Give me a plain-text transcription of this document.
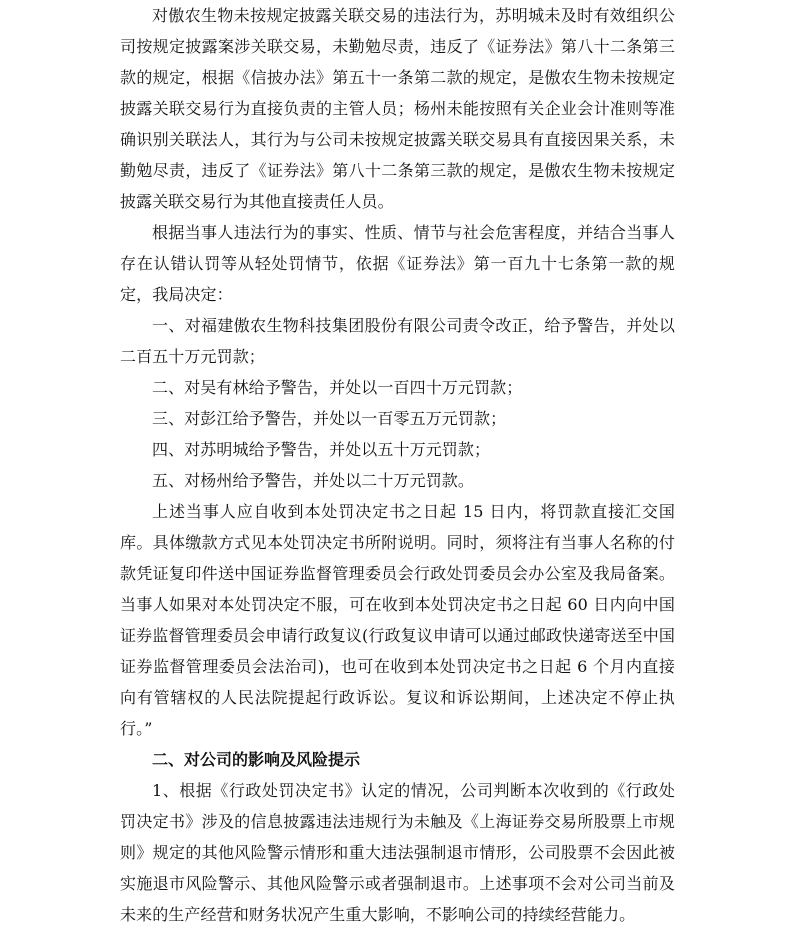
对傲农生物未按规定披露关联交易的违法行为，苏明城未及时有效组织公司按规定披露案涉关联交易，未勤勉尽责，违反了《证券法》第八十二条第三款的规定，根据《信披办法》第五十一条第二款的规定，是傲农生物未按规定披露关联交易行为直接负责的主管人员；杨州未能按照有关企业会计准则等准确识别关联法人，其行为与公司未按规定披露关联交易具有直接因果关系，未勤勉尽责，违反了《证券法》第八十二条第三款的规定，是傲农生物未按规定披露关联交易行为其他直接责任人员。

根据当事人违法行为的事实、性质、情节与社会危害程度，并结合当事人存在认错认罚等从轻处罚情节，依据《证券法》第一百九十七条第一款的规定，我局决定：

一、对福建傲农生物科技集团股份有限公司责令改正，给予警告，并处以二百五十万元罚款；

二、对吴有林给予警告，并处以一百四十万元罚款；

三、对彭江给予警告，并处以一百零五万元罚款；

四、对苏明城给予警告，并处以五十万元罚款；

五、对杨州给予警告，并处以二十万元罚款。

上述当事人应自收到本处罚决定书之日起 15 日内，将罚款直接汇交国库。具体缴款方式见本处罚决定书所附说明。同时，须将注有当事人名称的付款凭证复印件送中国证券监督管理委员会行政处罚委员会办公室及我局备案。当事人如果对本处罚决定不服，可在收到本处罚决定书之日起 60 日内向中国证券监督管理委员会申请行政复议(行政复议申请可以通过邮政快递寄送至中国证券监督管理委员会法治司)，也可在收到本处罚决定书之日起 6 个月内直接向有管辖权的人民法院提起行政诉讼。复议和诉讼期间，上述决定不停止执行。”

二、对公司的影响及风险提示

1、根据《行政处罚决定书》认定的情况，公司判断本次收到的《行政处罚决定书》涉及的信息披露违法违规行为未触及《上海证券交易所股票上市规则》规定的其他风险警示情形和重大违法强制退市情形，公司股票不会因此被实施退市风险警示、其他风险警示或者强制退市。上述事项不会对公司当前及未来的生产经营和财务状况产生重大影响，不影响公司的持续经营能力。
